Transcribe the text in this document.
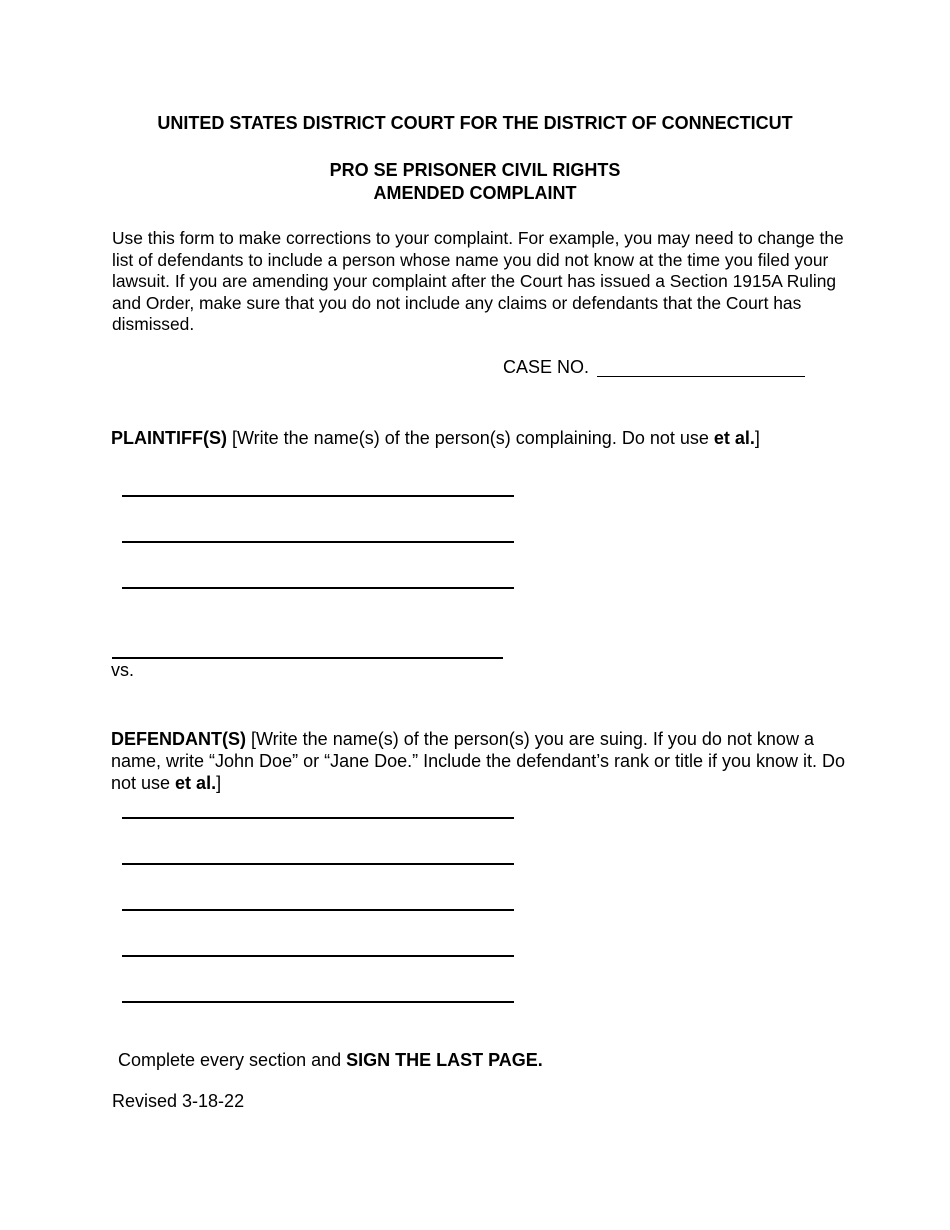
UNITED STATES DISTRICT COURT FOR THE DISTRICT OF CONNECTICUT
PRO SE PRISONER CIVIL RIGHTS
AMENDED COMPLAINT
Use this form to make corrections to your complaint. For example, you may need to change the list of defendants to include a person whose name you did not know at the time you filed your lawsuit. If you are amending your complaint after the Court has issued a Section 1915A Ruling and Order, make sure that you do not include any claims or defendants that the Court has dismissed.
CASE NO.
PLAINTIFF(S) [Write the name(s) of the person(s) complaining. Do not use et al.]
vs.
DEFENDANT(S) [Write the name(s) of the person(s) you are suing. If you do not know a name, write “John Doe” or “Jane Doe.” Include the defendant’s rank or title if you know it. Do not use et al.]
Complete every section and SIGN THE LAST PAGE.
Revised 3-18-22
